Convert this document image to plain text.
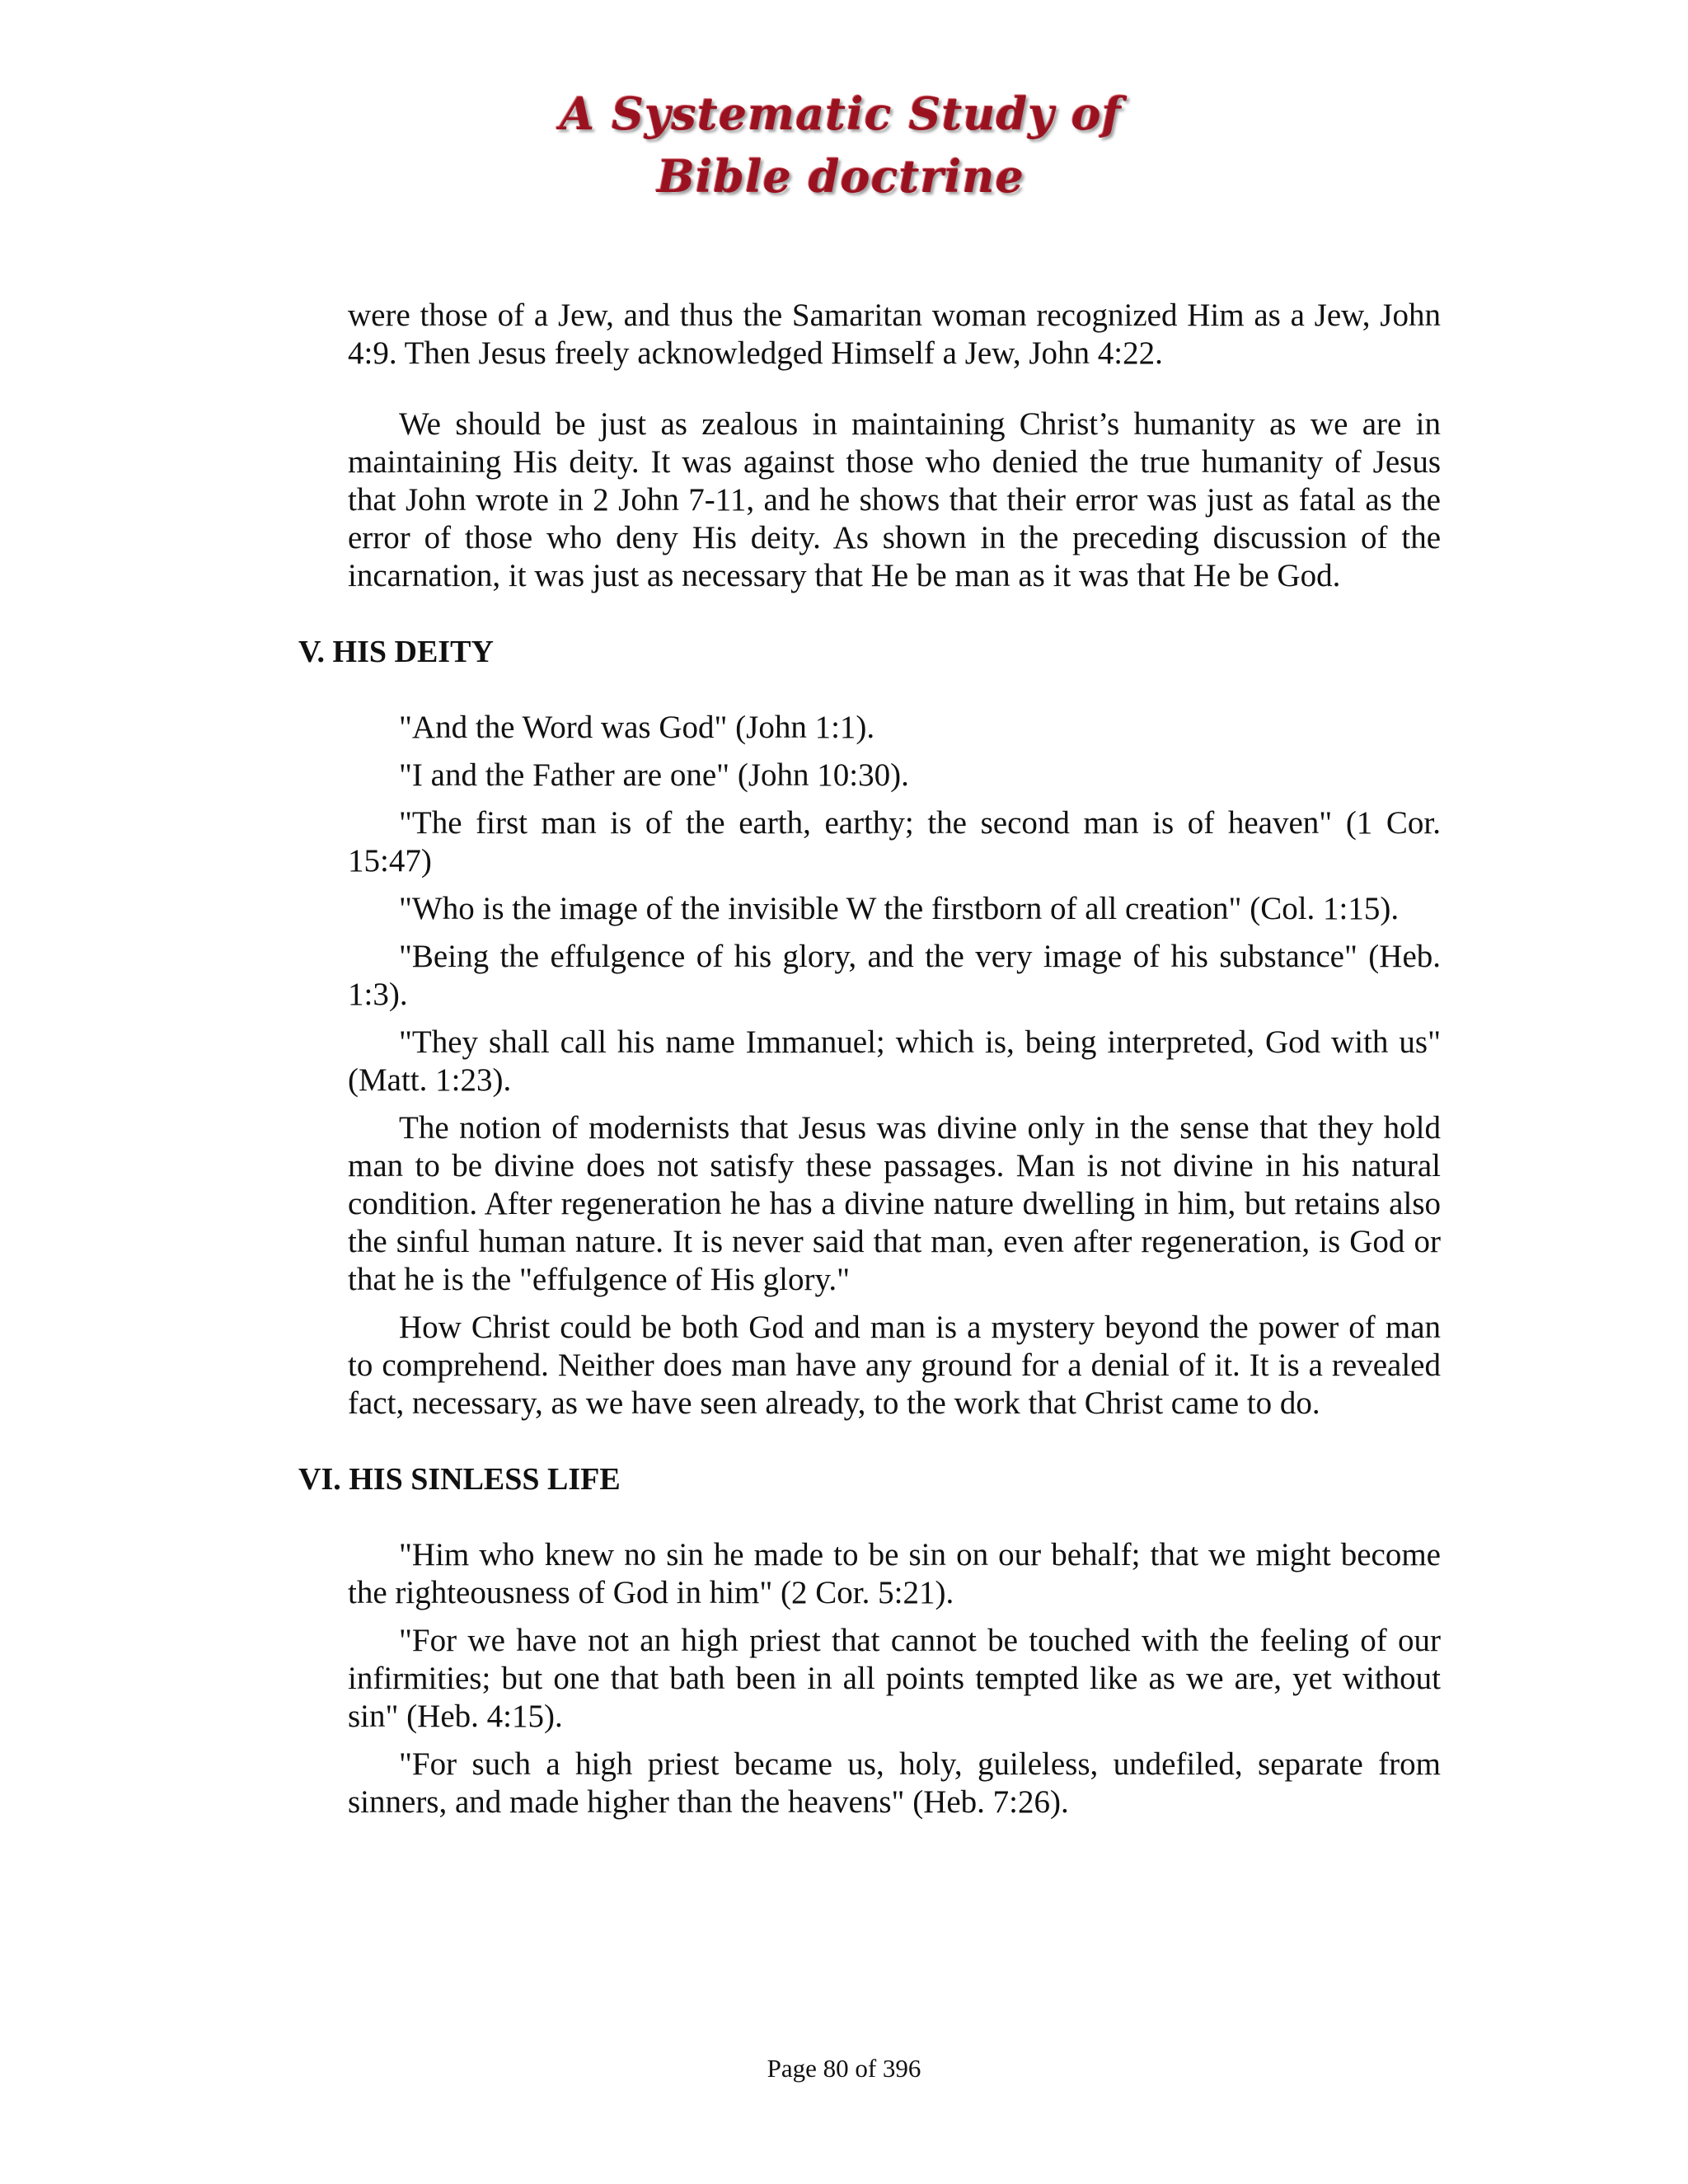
A Systematic Study of
Bible doctrine

were those of a Jew, and thus the Samaritan woman recognized Him as a Jew, John 4:9. Then Jesus freely acknowledged Himself a Jew, John 4:22.

We should be just as zealous in maintaining Christ’s humanity as we are in maintaining His deity. It was against those who denied the true humanity of Jesus that John wrote in 2 John 7-11, and he shows that their error was just as fatal as the error of those who deny His deity. As shown in the preceding discussion of the incarnation, it was just as necessary that He be man as it was that He be God.

V. HIS DEITY

"And the Word was God" (John 1:1).

"I and the Father are one" (John 10:30).

"The first man is of the earth, earthy; the second man is of heaven" (1 Cor. 15:47)

"Who is the image of the invisible W the firstborn of all creation" (Col. 1:15).

"Being the effulgence of his glory, and the very image of his substance" (Heb. 1:3).

"They shall call his name Immanuel; which is, being interpreted, God with us" (Matt. 1:23).

The notion of modernists that Jesus was divine only in the sense that they hold man to be divine does not satisfy these passages. Man is not divine in his natural condition. After regeneration he has a divine nature dwelling in him, but retains also the sinful human nature. It is never said that man, even after regeneration, is God or that he is the "effulgence of His glory."

How Christ could be both God and man is a mystery beyond the power of man to comprehend. Neither does man have any ground for a denial of it. It is a revealed fact, necessary, as we have seen already, to the work that Christ came to do.

VI. HIS SINLESS LIFE

"Him who knew no sin he made to be sin on our behalf; that we might become the righteousness of God in him" (2 Cor. 5:21).

"For we have not an high priest that cannot be touched with the feeling of our infirmities; but one that bath been in all points tempted like as we are, yet without sin" (Heb. 4:15).

"For such a high priest became us, holy, guileless, undefiled, separate from sinners, and made higher than the heavens" (Heb. 7:26).

Page 80 of 396
